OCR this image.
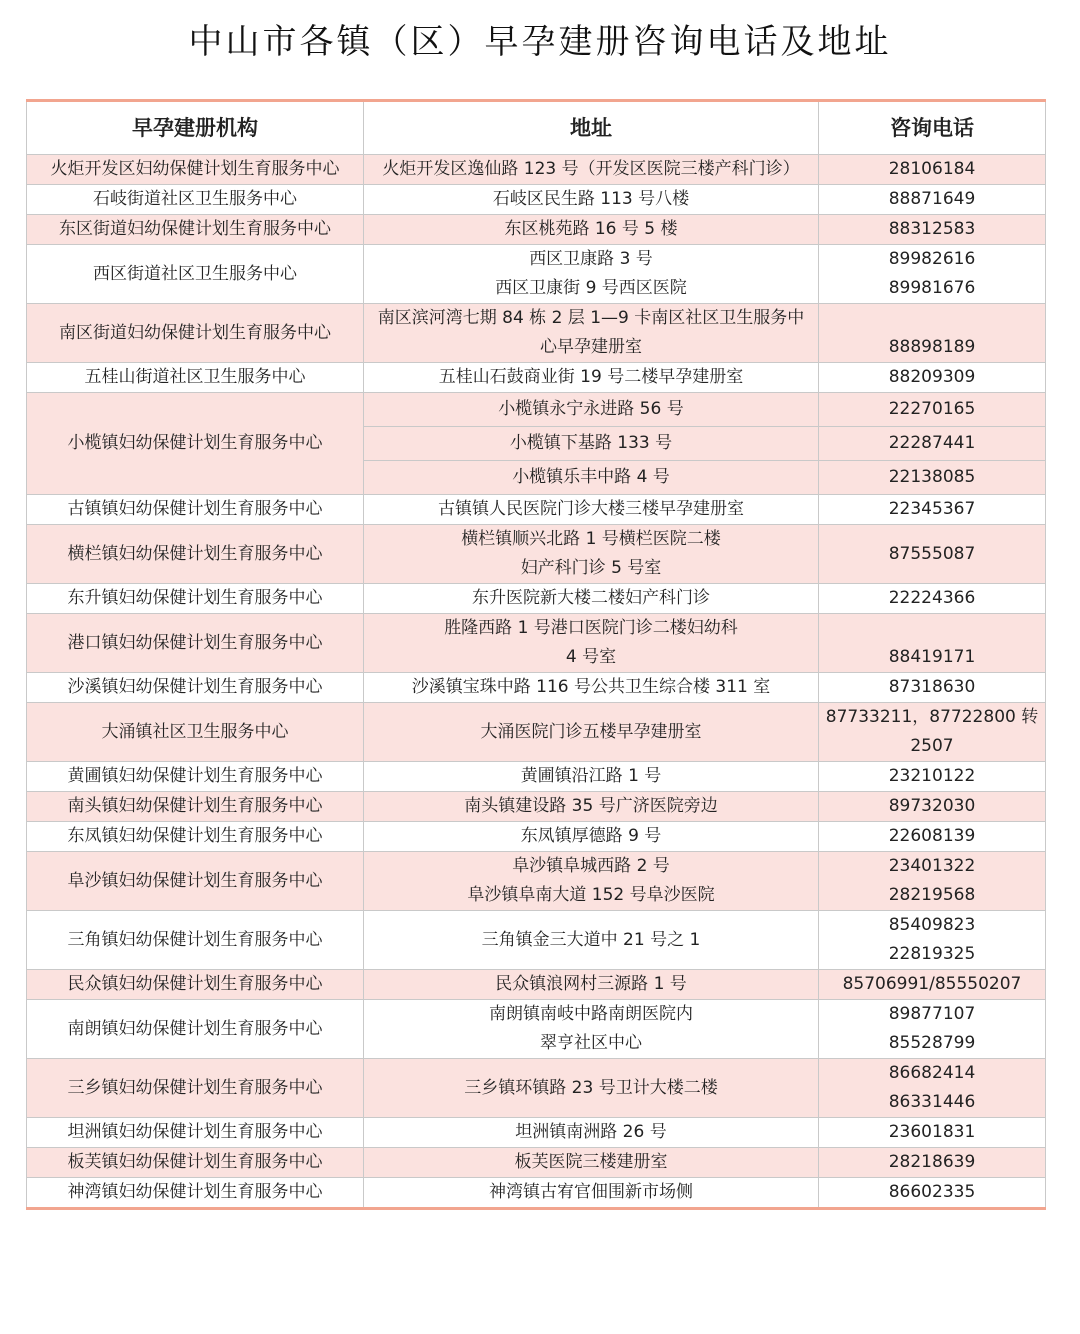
中山市各镇（区）早孕建册咨询电话及地址
早孕建册机构	地址	咨询电话

火炬开发区妇幼保健计划生育服务中心	火炬开发区逸仙路 123 号（开发区医院三楼产科门诊）	28106184

石岐街道社区卫生服务中心	石岐区民生路 113 号八楼	88871649

东区街道妇幼保健计划生育服务中心	东区桃苑路 16 号 5 楼	88312583

西区街道社区卫生服务中心	西区卫康路 3 号
西区卫康街 9 号西区医院	89982616
89981676

南区街道妇幼保健计划生育服务中心	南区滨河湾七期 84 栋 2 层 1—9 卡南区社区卫生服务中
心早孕建册室	88898189

五桂山街道社区卫生服务中心	五桂山石鼓商业街 19 号二楼早孕建册室	88209309

小榄镇妇幼保健计划生育服务中心	小榄镇永宁永进路 56 号	22270165

	小榄镇下基路 133 号	22287441

	小榄镇乐丰中路 4 号	22138085

古镇镇妇幼保健计划生育服务中心	古镇镇人民医院门诊大楼三楼早孕建册室	22345367

横栏镇妇幼保健计划生育服务中心	横栏镇顺兴北路 1 号横栏医院二楼
妇产科门诊 5 号室	87555087

东升镇妇幼保健计划生育服务中心	东升医院新大楼二楼妇产科门诊	22224366

港口镇妇幼保健计划生育服务中心	胜隆西路 1 号港口医院门诊二楼妇幼科
4 号室	88419171

沙溪镇妇幼保健计划生育服务中心	沙溪镇宝珠中路 116 号公共卫生综合楼 311 室	87318630

大涌镇社区卫生服务中心	大涌医院门诊五楼早孕建册室	87733211，87722800 转
2507

黄圃镇妇幼保健计划生育服务中心	黄圃镇沿江路 1 号	23210122

南头镇妇幼保健计划生育服务中心	南头镇建设路 35 号广济医院旁边	89732030

东凤镇妇幼保健计划生育服务中心	东凤镇厚德路 9 号	22608139

阜沙镇妇幼保健计划生育服务中心	阜沙镇阜城西路 2 号
阜沙镇阜南大道 152 号阜沙医院	23401322
28219568

三角镇妇幼保健计划生育服务中心	三角镇金三大道中 21 号之 1	85409823
22819325

民众镇妇幼保健计划生育服务中心	民众镇浪网村三源路 1 号	85706991/85550207

南朗镇妇幼保健计划生育服务中心	南朗镇南岐中路南朗医院内
翠亨社区中心	89877107
85528799

三乡镇妇幼保健计划生育服务中心	三乡镇环镇路 23 号卫计大楼二楼	86682414
86331446

坦洲镇妇幼保健计划生育服务中心	坦洲镇南洲路 26 号	23601831

板芙镇妇幼保健计划生育服务中心	板芙医院三楼建册室	28218639

神湾镇妇幼保健计划生育服务中心	神湾镇古宥官佃围新市场侧	86602335
